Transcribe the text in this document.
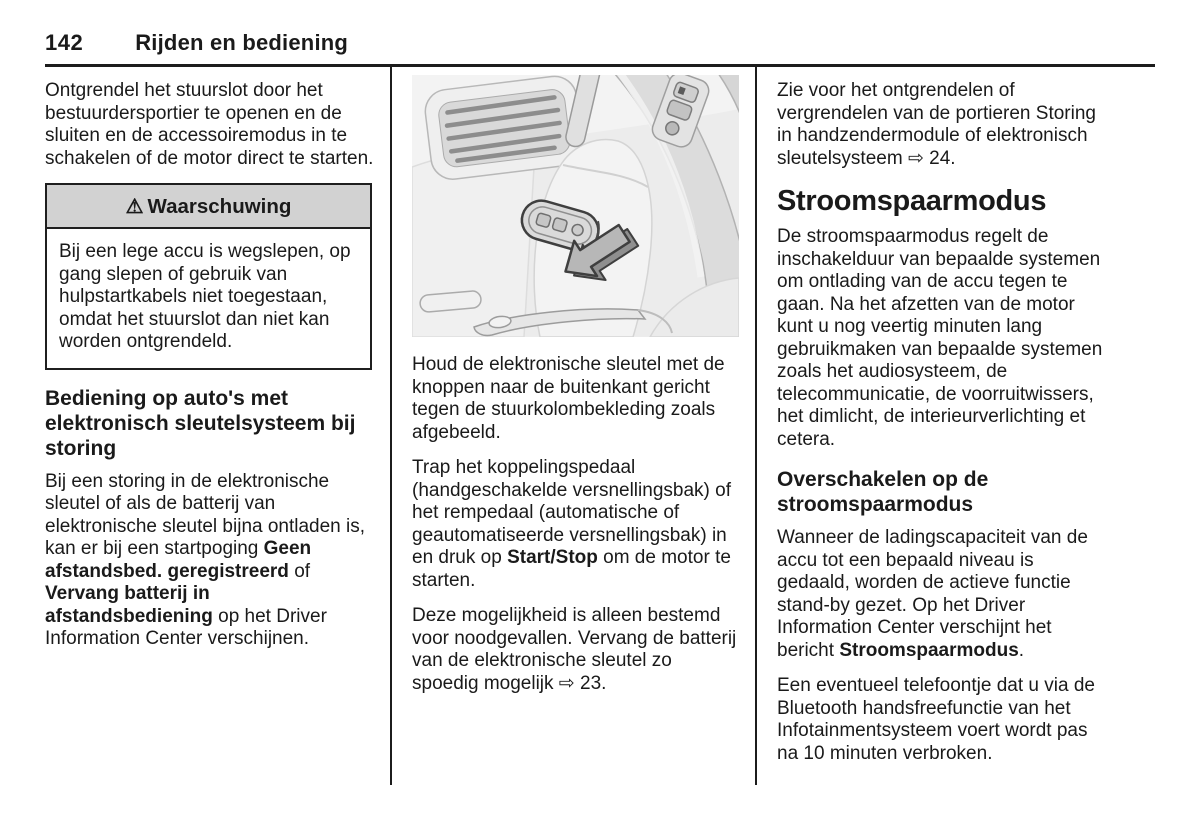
142 Rijden en bediening

Ontgrendel het stuurslot door het bestuurdersportier te openen en de sluiten en de accessoiremodus in te schakelen of de motor direct te starten.

⚠ Waarschuwing

Bij een lege accu is wegslepen, op gang slepen of gebruik van hulpstartkabels niet toegestaan, omdat het stuurslot dan niet kan worden ontgrendeld.

Bediening op auto's met elektronisch sleutelsysteem bij storing

Bij een storing in de elektronische sleutel of als de batterij van elektronische sleutel bijna ontladen is, kan er bij een startpoging Geen afstandsbed. geregistreerd of Vervang batterij in afstandsbediening op het Driver Information Center verschijnen.

Houd de elektronische sleutel met de knoppen naar de buitenkant gericht tegen de stuurkolombekleding zoals afgebeeld.

Trap het koppelingspedaal (handgeschakelde versnellingsbak) of het rempedaal (automatische of geautomatiseerde versnellingsbak) in en druk op Start/Stop om de motor te starten.

Deze mogelijkheid is alleen bestemd voor noodgevallen. Vervang de batterij van de elektronische sleutel zo spoedig mogelijk ⇨ 23.

Zie voor het ontgrendelen of vergrendelen van de portieren Storing in handzendermodule of elektronisch sleutelsysteem ⇨ 24.

Stroomspaarmodus

De stroomspaarmodus regelt de inschakelduur van bepaalde systemen om ontlading van de accu tegen te gaan. Na het afzetten van de motor kunt u nog veertig minuten lang gebruikmaken van bepaalde systemen zoals het audiosysteem, de telecommunicatie, de voorruitwissers, het dimlicht, de interieurverlichting et cetera.

Overschakelen op de stroomspaarmodus

Wanneer de ladingscapaciteit van de accu tot een bepaald niveau is gedaald, worden de actieve functie stand-by gezet. Op het Driver Information Center verschijnt het bericht Stroomspaarmodus.

Een eventueel telefoontje dat u via de Bluetooth handsfreefunctie van het Infotainmentsysteem voert wordt pas na 10 minuten verbroken.
